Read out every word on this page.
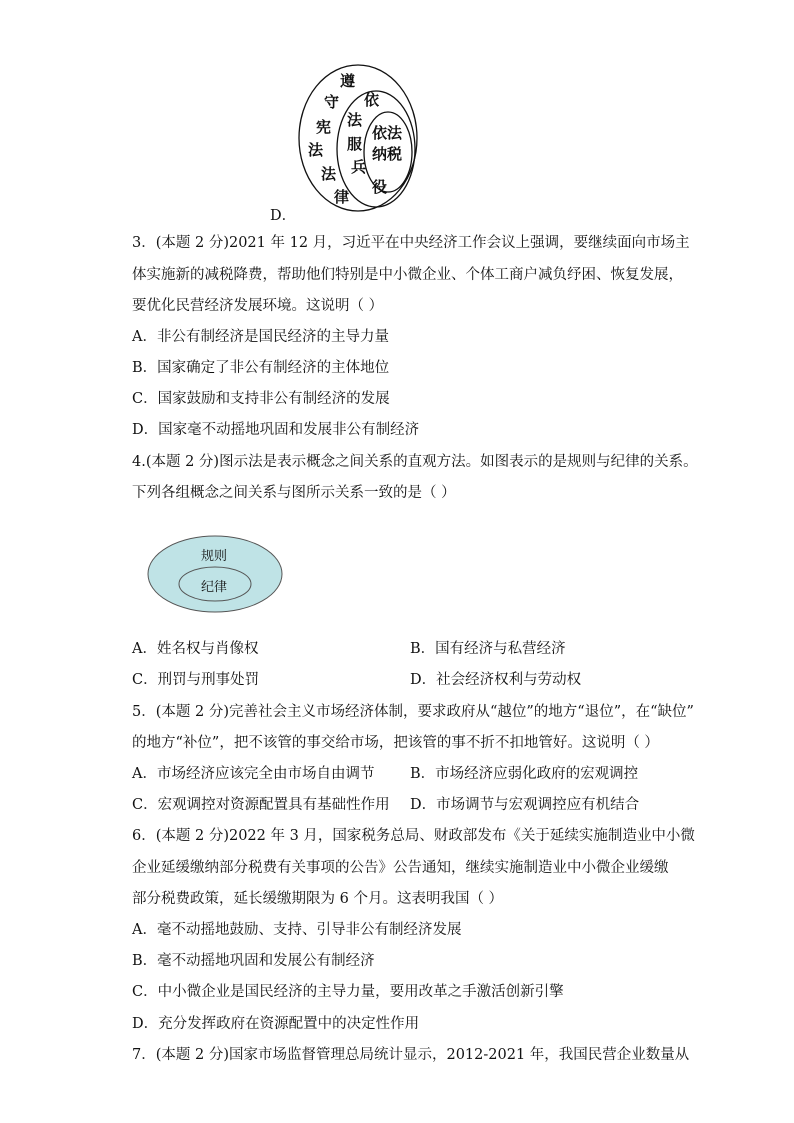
遵
守
宪
法
法
律
依
法
服
兵
役
依法
纳税
D．
3．(本题 2 分)2021 年 12 月，习近平在中央经济工作会议上强调，要继续面向市场主
体实施新的减税降费，帮助他们特别是中小微企业、个体工商户减负纾困、恢复发展，
要优化民营经济发展环境。这说明（ ）
A．非公有制经济是国民经济的主导力量
B．国家确定了非公有制经济的主体地位
C．国家鼓励和支持非公有制经济的发展
D．国家毫不动摇地巩固和发展非公有制经济
4.(本题 2 分)图示法是表示概念之间关系的直观方法。如图表示的是规则与纪律的关系。
下列各组概念之间关系与图所示关系一致的是（ ）
规则
纪律
A．姓名权与肖像权	B．国有经济与私营经济
C．刑罚与刑事处罚	D．社会经济权利与劳动权
5．(本题 2 分)完善社会主义市场经济体制，要求政府从“越位”的地方“退位”，在“缺位”
的地方“补位”，把不该管的事交给市场，把该管的事不折不扣地管好。这说明（ ）
A．市场经济应该完全由市场自由调节 B．市场经济应弱化政府的宏观调控
C．宏观调控对资源配置具有基础性作用 D．市场调节与宏观调控应有机结合
6．(本题 2 分)2022 年 3 月，国家税务总局、财政部发布《关于延续实施制造业中小微
企业延缓缴纳部分税费有关事项的公告》公告通知，继续实施制造业中小微企业缓缴
部分税费政策，延长缓缴期限为 6 个月。这表明我国（ ）
A．毫不动摇地鼓励、支持、引导非公有制经济发展
B．毫不动摇地巩固和发展公有制经济
C．中小微企业是国民经济的主导力量，要用改革之手激活创新引擎
D．充分发挥政府在资源配置中的决定性作用
7．(本题 2 分)国家市场监督管理总局统计显示，2012-2021 年，我国民营企业数量从
